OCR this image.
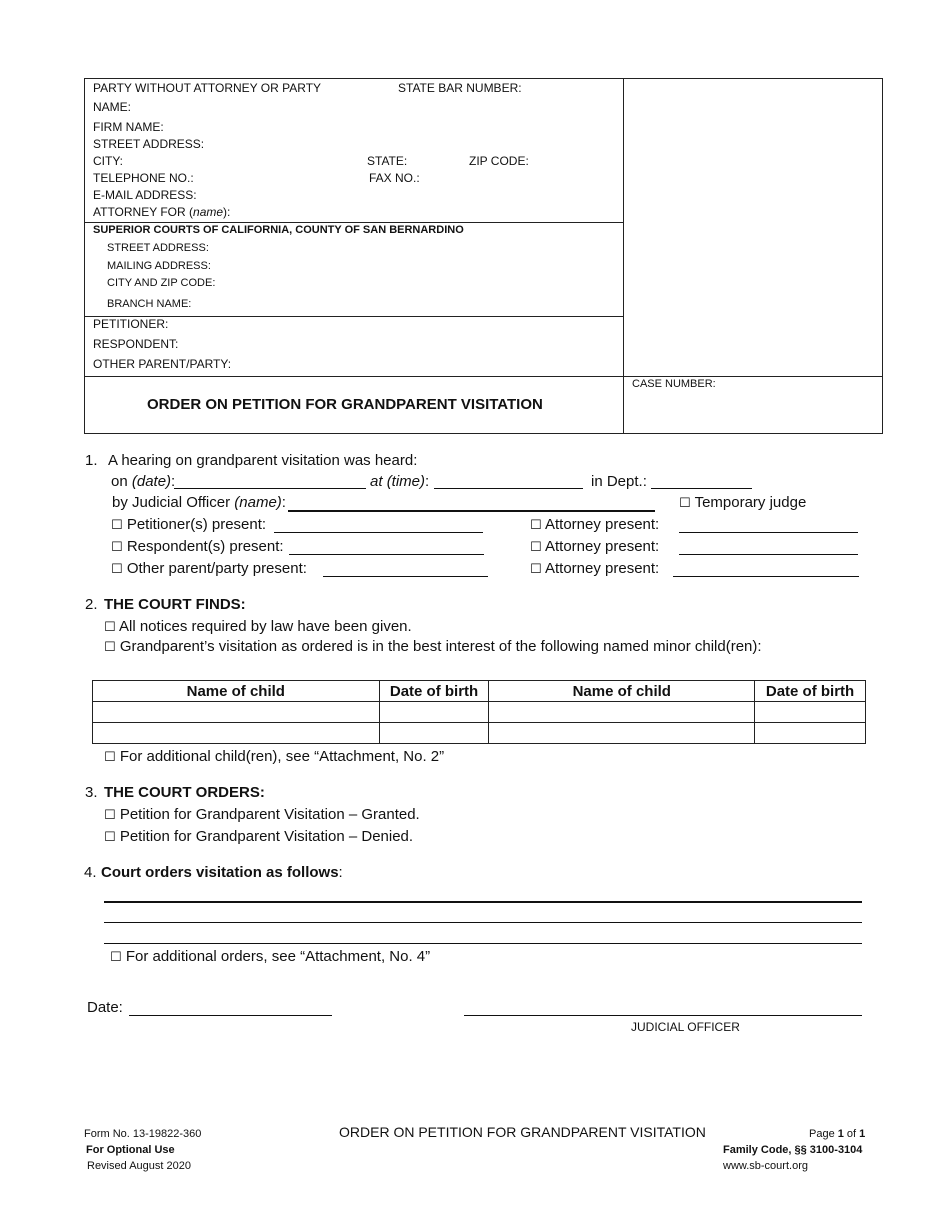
PARTY WITHOUT ATTORNEY OR PARTY	STATE BAR NUMBER:
NAME:
FIRM NAME:
STREET ADDRESS:
CITY:	STATE:	ZIP CODE:
TELEPHONE NO.:	FAX NO.:
E-MAIL ADDRESS:
ATTORNEY FOR (name):
SUPERIOR COURTS OF CALIFORNIA, COUNTY OF SAN BERNARDINO
STREET ADDRESS:
MAILING ADDRESS:
CITY AND ZIP CODE:
BRANCH NAME:
PETITIONER:
RESPONDENT:
OTHER PARENT/PARTY:
ORDER ON PETITION FOR GRANDPARENT VISITATION
CASE NUMBER:
1. A hearing on grandparent visitation was heard:
on (date):	at (time):	in Dept.:
by Judicial Officer (name):	☐ Temporary judge
☐ Petitioner(s) present:	☐ Attorney present:
☐ Respondent(s) present:	☐ Attorney present:
☐ Other parent/party present:	☐ Attorney present:
2. THE COURT FINDS:
☐ All notices required by law have been given.
☐ Grandparent’s visitation as ordered is in the best interest of the following named minor child(ren):
Name of child	Date of birth	Name of child	Date of birth

☐ For additional child(ren), see “Attachment, No. 2”
3. THE COURT ORDERS:
☐ Petition for Grandparent Visitation – Granted.
☐ Petition for Grandparent Visitation – Denied.
4. Court orders visitation as follows:
☐ For additional orders, see “Attachment, No. 4”
Date:
JUDICIAL OFFICER
Form No. 13-19822-360
For Optional Use
Revised August 2020
ORDER ON PETITION FOR GRANDPARENT VISITATION	Page 1 of 1
Family Code, §§ 3100-3104
www.sb-court.org
